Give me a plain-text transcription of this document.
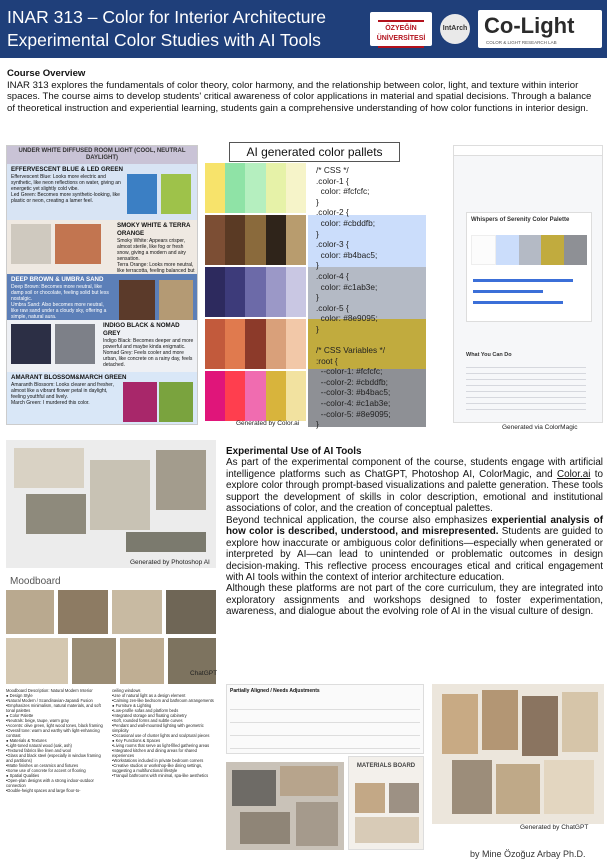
INAR 313 – Color for Interior Architecture
Experimental Color Studies with AI Tools
ÖZYEĞİN ÜNİVERSİTESİ
IntArch Co-Light
COLOR & LIGHT RESEARCH LAB
Course Overview

INAR 313 explores the fundamentals of color theory, color harmony, and the relationship between color, light, and texture within interior spaces. The course aims to develop students' critical awareness of color applications in material and spatial decisions. Through a balance of theoretical instruction and experiential learning, students gain a comprehensive understanding of how color functions in interior design.

UNDER WHITE DIFFUSED ROOM LIGHT (COOL, NEUTRAL DAYLIGHT)
EFFERVESCENT BLUE & LED GREEN
Effervescent Blue: Looks more electric and synthetic, like neon reflections on water, giving an energetic yet slightly cold vibe.
Led Green: Becomes more synthetic-looking, like plastic or neon, creating a lamer feel.
SMOKY WHITE & TERRA ORANGE
Smoky White: Appears crisper, almost sterile, like fog or fresh snow, giving a modern and airy sensation.
Terra Orange: Looks more neutral, like terracotta, feeling balanced but
DEEP BROWN & UMBRA SAND
Deep Brown: Becomes more neutral, like damp soil or chocolate, feeling solid but less nostalgic.
Umbra Sand: Also becomes more neutral, like raw sand under a cloudy sky, offering a simple, natural aura.
INDIGO BLACK & NOMAD GREY
Indigo Black: Becomes deeper and more powerful and maybe kinda enigmatic.
Nomad Grey: Feels cooler and more urban, like concrete on a rainy day, feels detached.
AMARANT BLOSSOM&MARCH GREEN
Amaranth Blossom: Looks clearer and fresher, almost like a vibrant flower petal in daylight, feeling youthful and lively.
March Green: I murdered this color.
AI generated color pallets
/* CSS */
.color-1 {
color: #fcfcfc;
}
.color-2 {
color: #cbddfb;
}
.color-3 {
color: #b4bac5;
}
.color-4 {
color: #c1ab3e;
}
.color-5 {
color: #8e9095;
}

/* CSS Variables */
:root {
--color-1: #fcfcfc;
--color-2: #cbddfb;
--color-3: #b4bac5;
--color-4: #c1ab3e;
--color-5: #8e9095;
}
Generated by Color.ai
Whispers of Serenity Color Palette
What You Can Do
Generated via ColorMagic
Experimental Use of AI Tools

As part of the experimental component of the course, students engage with artificial intelligence platforms such as ChatGPT, Photoshop AI, ColorMagic, and Color.ai to explore color through prompt-based visualizations and palette generation. These tools support the development of skills in color description, emotional and institutional associations of color, and the creation of conceptual palettes.

Beyond technical application, the course also emphasizes experiential analysis of how color is described, understood, and misrepresented. Students are guided to explore how inaccurate or ambiguous color definitions—especially when generated or interpreted by AI—can lead to unintended or problematic outcomes in design decision-making. This reflective process encourages etical and critical engagement with AI tools within the context of interior architecture education.

Although these platforms are not part of the core curriculum, they are integrated into exploratory assignments and workshops designed to foster experimentation, awareness, and dialogue about the evolving role of AI in the visual culture of design.

Generated by Photoshop AI
Moodboard
ChatGPT
Moodboard Description: Natural Modern Interior
● Design Style
•Natural Modern / Scandinavian-Japandi Fusion
•Emphasizes minimalism, natural materials, and soft tonal palettes
● Color Palette
•Neutrals: beige, taupe, warm gray
•Accents: olive green, light wood tones, black framing
•Overall tone: warm and earthy with light-enhancing contrast
● Materials & Textures
•Light-toned natural wood (oak, ash)
•Textured fabrics like linen and wool
•Glass and black steel (especially in window framing and partitions)
•Matte finishes on ceramics and fixtures
•Some use of concrete for accent or flooring
● Spatial Qualities
•Open-plan designs with a strong indoor-outdoor connection
•Double-height spaces and large floor-to-
ceiling windows
•Use of natural light as a design element
•Calming zen-like bedroom and bathroom arrangements
● Furniture & Lighting
•Low-profile sofas and platform beds
•Integrated storage and floating cabinetry
•Soft, rounded forms and subtle curves
•Pendant and wall-mounted lighting with geometric simplicity
•Occasional use of cluster lights and sculptural pieces
● Key Functions & Spaces
•Living rooms that serve as light-filled gathering areas
•Integrated kitchen and dining areas for shared experiences
•Workstations included in private bedroom corners
•Creative studios or workshop-like dining settings, suggesting a multifunctional lifestyle
•Tranquil bathrooms with minimal, spa-like aesthetics
Partially Aligned / Needs Adjustments
MATERIALS BOARD
Generated by ChatGPT
by Mine Özoğuz Arbay Ph.D.
